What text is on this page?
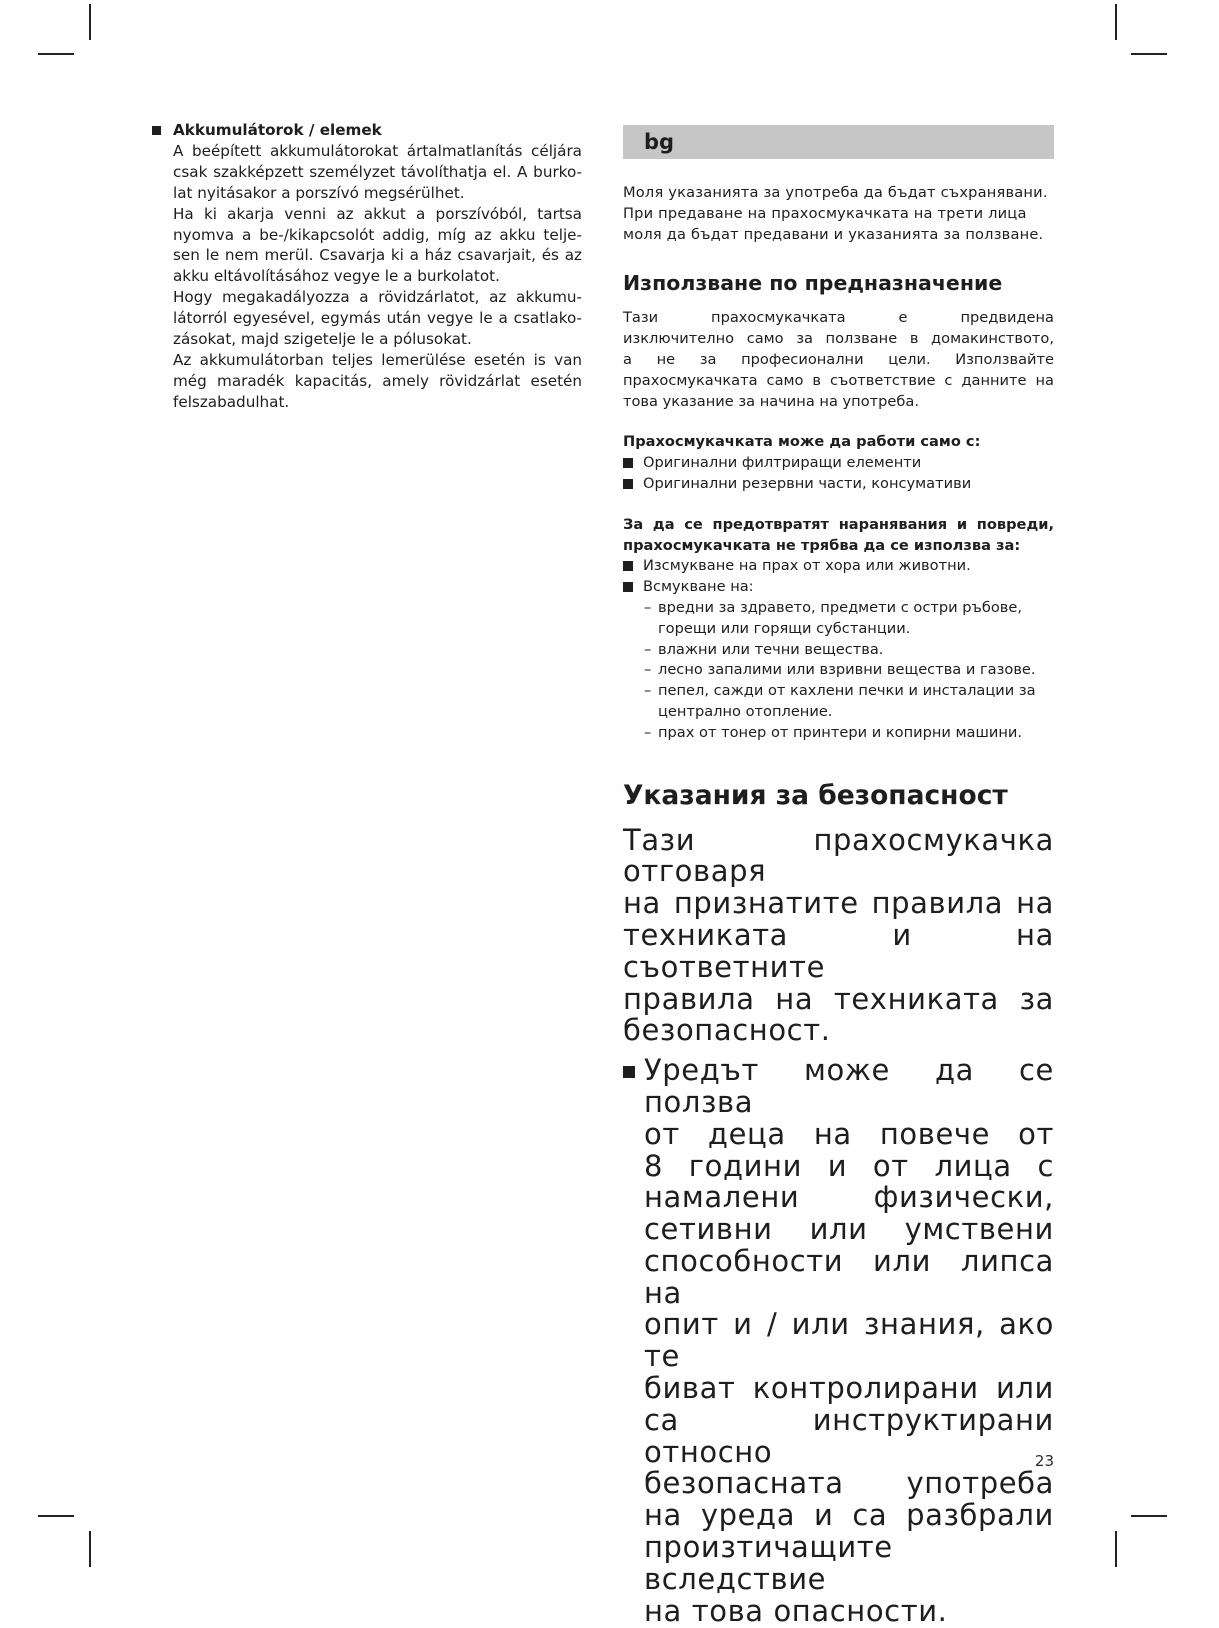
Akkumulátorok / elemek
A beépített akkumulátorokat ártalmatlanítás céljára
csak szakképzett személyzet távolíthatja el. A burko-
lat nyitásakor a porszívó megsérülhet.
Ha ki akarja venni az akkut a porszívóból, tartsa
nyomva a be-/kikapcsolót addig, míg az akku telje-
sen le nem merül. Csavarja ki a ház csavarjait, és az
akku eltávolításához vegye le a burkolatot.
Hogy megakadályozza a rövidzárlatot, az akkumu-
látorról egyesével, egymás után vegye le a csatlako-
zásokat, majd szigetelje le a pólusokat.
Az akkumulátorban teljes lemerülése esetén is van
még maradék kapacitás, amely rövidzárlat esetén
felszabadulhat.
bg
Моля указанията за употреба да бъдат съхранявани.
При предаване на прахосмукачката на трети лица
моля да бъдат предавани и указанията за ползване.
Използване по предназначение
Тази прахосмукачката е предвидена
изключително само за ползване в домакинството,
а не за професионални цели. Използвайте
прахосмукачката само в съответствие с данните на
това указание за начина на употреба.
Прахосмукачката може да работи само с:
Оригинални филтриращи елементи
Оригинални резервни части, консумативи
За да се предотвратят наранявания и повреди,
прахосмукачката не трябва да се използва за:
Изсмукване на прах от хора или животни.
Всмукване на:
– вредни за здравето, предмети с остри ръбове,
горещи или горящи субстанции.
– влажни или течни вещества.
– лесно запалими или взривни вещества и газове.
– пепел, сажди от кахлени печки и инсталации за
централно отопление.
– прах от тонер от принтери и копирни машини.
Указания за безопасност
Тази прахосмукачка отговаря
на признатите правила на
техниката и на съответните
правила на техниката за
безопасност.
Уредът може да се ползва
от деца на повече от
8 години и от лица с
намалени физически,
сетивни или умствени
способности или липса на
опит и / или знания, ако те
биват контролирани или
са инструктирани относно
безопасната употреба
на уреда и са разбрали
произтичащите вследствие
на това опасности.
23
